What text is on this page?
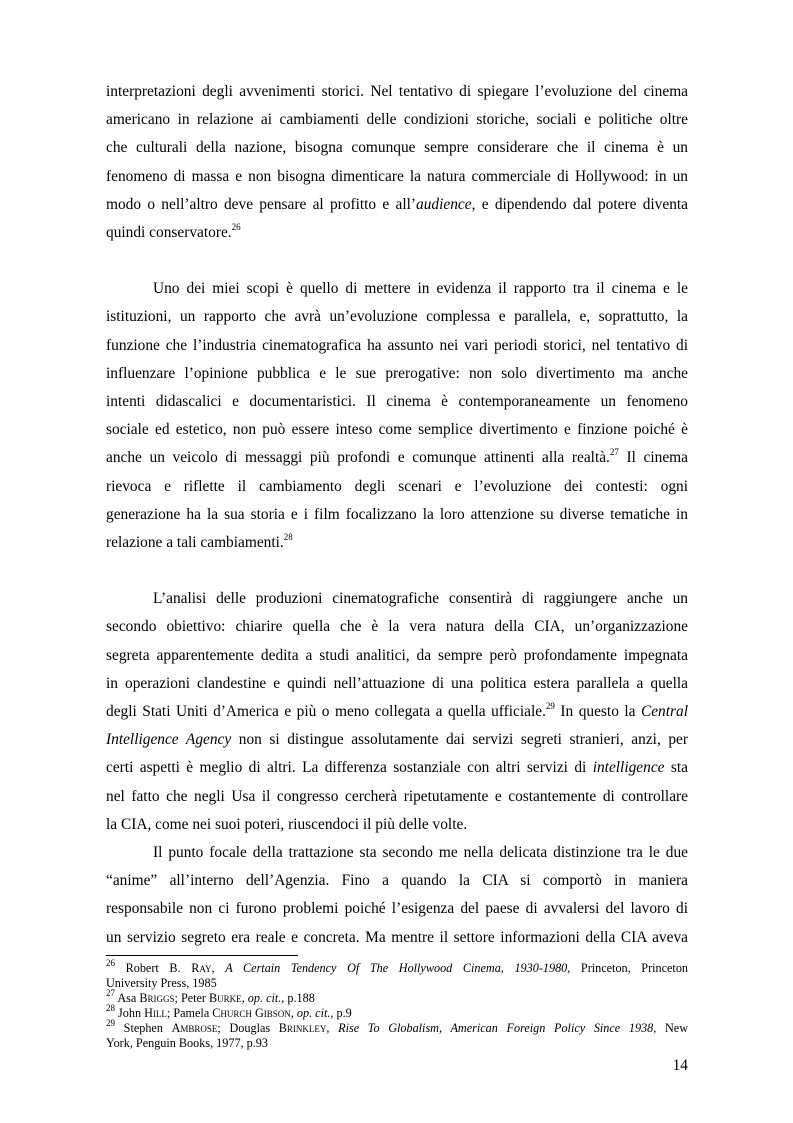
interpretazioni degli avvenimenti storici. Nel tentativo di spiegare l’evoluzione del cinema
americano in relazione ai cambiamenti delle condizioni storiche, sociali e politiche oltre
che culturali della nazione, bisogna comunque sempre considerare che il cinema è un
fenomeno di massa e non bisogna dimenticare la natura commerciale di Hollywood: in un
modo o nell’altro deve pensare al profitto e all’audience, e dipendendo dal potere diventa
quindi conservatore.$^{26}$

Uno dei miei scopi è quello di mettere in evidenza il rapporto tra il cinema e le
istituzioni, un rapporto che avrà un’evoluzione complessa e parallela, e, soprattutto, la
funzione che l’industria cinematografica ha assunto nei vari periodi storici, nel tentativo di
influenzare l’opinione pubblica e le sue prerogative: non solo divertimento ma anche
intenti didascalici e documentaristici. Il cinema è contemporaneamente un fenomeno
sociale ed estetico, non può essere inteso come semplice divertimento e finzione poiché è
anche un veicolo di messaggi più profondi e comunque attinenti alla realtà.$^{27}$ Il cinema
rievoca e riflette il cambiamento degli scenari e l’evoluzione dei contesti: ogni
generazione ha la sua storia e i film focalizzano la loro attenzione su diverse tematiche in
relazione a tali cambiamenti.$^{28}$

L’analisi delle produzioni cinematografiche consentirà di raggiungere anche un
secondo obiettivo: chiarire quella che è la vera natura della CIA, un’organizzazione
segreta apparentemente dedita a studi analitici, da sempre però profondamente impegnata
in operazioni clandestine e quindi nell’attuazione di una politica estera parallela a quella
degli Stati Uniti d’America e più o meno collegata a quella ufficiale.$^{29}$ In questo la Central
Intelligence Agency non si distingue assolutamente dai servizi segreti stranieri, anzi, per
certi aspetti è meglio di altri. La differenza sostanziale con altri servizi di intelligence sta
nel fatto che negli Usa il congresso cercherà ripetutamente e costantemente di controllare
la CIA, come nei suoi poteri, riuscendoci il più delle volte.

Il punto focale della trattazione sta secondo me nella delicata distinzione tra le due
“anime” all’interno dell’Agenzia. Fino a quando la CIA si comportò in maniera
responsabile non ci furono problemi poiché l’esigenza del paese di avvalersi del lavoro di
un servizio segreto era reale e concreta. Ma mentre il settore informazioni della CIA aveva

$^{26}$ Robert B. Ray, A Certain Tendency Of The Hollywood Cinema, 1930-1980, Princeton, Princeton
University Press, 1985

$^{27}$ Asa Briggs; Peter Burke, op. cit., p.188

$^{28}$ John Hill; Pamela Church Gibson, op. cit., p.9

$^{29}$ Stephen Ambrose; Douglas Brinkley, Rise To Globalism, American Foreign Policy Since 1938, New
York, Penguin Books, 1977, p.93

14
